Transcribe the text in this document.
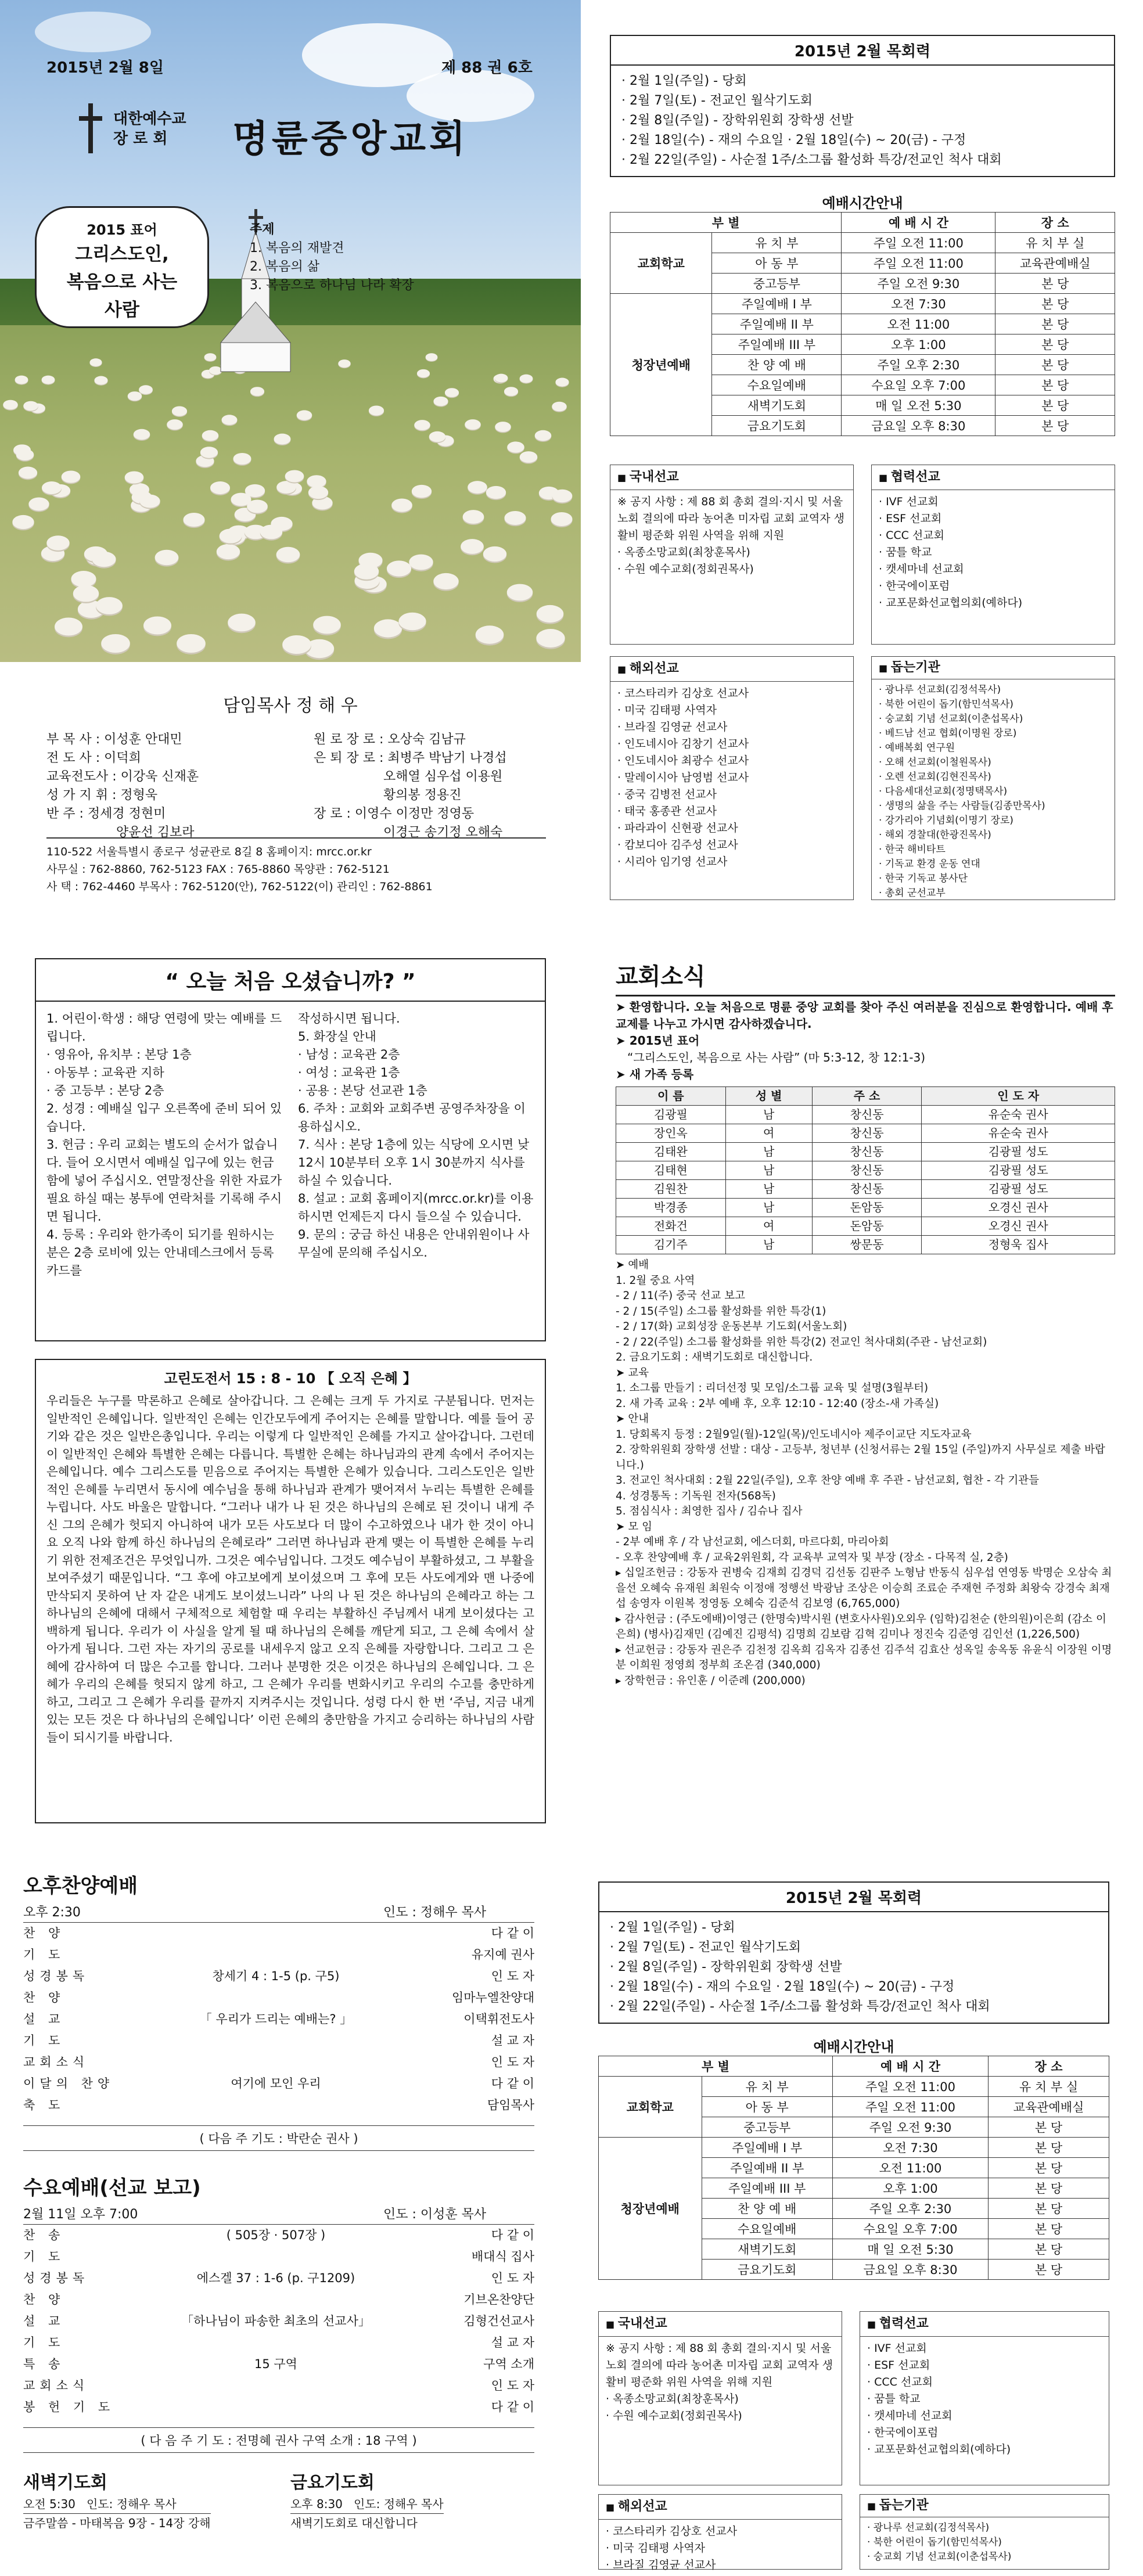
2015년 2월 8일	제 88 권 6호
대한예수교
장 로 회	명륜중앙교회
2015 표어
그리스도인,
복음으로 사는
사람
주제
1. 복음의 재발견
2. 복음의 삶
3. 복음으로 하나님 나라 확장
담임목사 정 해 우
부 목 사 : 이성훈 안대민
전 도 사 : 이덕희
교육전도사 : 이강욱 신재훈
성 가 지 휘 : 정형욱
반 주 : 정세경 정현미
양윤선 김보라
원 로 장 로 : 오상숙 김남규
은 퇴 장 로 : 최병주 박남기 나경섭
오해열 심우섭 이용원
황의봉 정용진
장 로 : 이영수 이정만 정영동
이경근 송기정 오해숙
110-522 서울특별시 종로구 성균관로 8길 8 홈페이지: mrcc.or.kr
사무실 : 762-8860, 762-5123 FAX : 765-8860 목양관 : 762-5121
사 택 : 762-4460 부목사 : 762-5120(안), 762-5122(이) 관리인 : 762-8861
2015년 2월 목회력
· 2월 1일(주일) - 당회
· 2월 7일(토) - 전교인 월삭기도회
· 2월 8일(주일) - 장학위원회 장학생 선발
· 2월 18일(수) - 재의 수요일 · 2월 18일(수) ~ 20(금) - 구정
· 2월 22일(주일) - 사순절 1주/소그룹 활성화 특강/전교인 척사 대회
예배시간안내
부 별		예 배 시 간	장 소
교회학교	유 치 부	주일 오전 11:00	유 치 부 실
	아 동 부	주일 오전 11:00	교육관예배실
	중고등부	주일 오전 9:30	본 당
청장년예배	주일예배 I 부	오전 7:30	본 당
	주일예배 II 부	오전 11:00	본 당
	주일예배 III 부	오후 1:00	본 당
	찬 양 예 배	주일 오후 2:30	본 당
	수요일예배	수요일 오후 7:00	본 당
	새벽기도회	매 일 오전 5:30	본 당
	금요기도회	금요일 오후 8:30	본 당
■ 국내선교
※ 공지 사항 : 제 88 회 총회 결의·지시 및 서울노회 결의에 따라 농어촌 미자립 교회 교역자 생활비 평준화 위원 사역을 위해 지원
· 옥종소망교회(최창훈목사)
· 수원 예수교회(정회권목사)
■ 해외선교
· 코스타리카 김상호 선교사
· 미국 김태평 사역자
· 브라질 김영균 선교사
· 인도네시아 김창기 선교사
· 인도네시아 최광수 선교사
· 말레이시아 남영범 선교사
· 중국 김병전 선교사
· 태국 홍종관 선교사
· 파라과이 신현광 선교사
· 캄보디아 김주성 선교사
· 시리아 임기영 선교사
■ 협력선교
· IVF 선교회
· ESF 선교회
· CCC 선교회
· 꿈틀 학교
· 캣세마네 선교회
· 한국에이포럼
· 교포문화선교협의회(예하다)
■ 돕는기관
· 광나루 선교회(김정석목사)
· 북한 어린이 돕기(함민석목사)
· 숭교회 기념 선교회(이춘섭목사)
· 베드남 선교 협회(이명원 장로)
· 예배복회 연구원
· 오해 선교회(이철원목사)
· 오렌 선교회(김현진목사)
· 다음세대선교회(정명택목사)
· 생명의 삶을 주는 사람들(김종만목사)
· 강가리아 기념회(이명기 장로)
· 해외 경찰대(한광진목사)
· 한국 해비타트
· 기독교 환경 운동 연대
· 한국 기독교 봉사단
· 총회 군선교부
“ 오늘 처음 오셨습니까? ”
1. 어린이·학생 : 해당 연령에 맞는 예배를 드립니다.
· 영유아, 유치부 : 본당 1층
· 아동부 : 교육관 지하
· 중 고등부 : 본당 2층
2. 성경 : 예배실 입구 오른쪽에 준비 되어 있습니다.
3. 헌금 : 우리 교회는 별도의 순서가 없습니다. 들어 오시면서 예배실 입구에 있는 헌금함에 넣어 주십시오. 연말정산을 위한 자료가 필요 하실 때는 봉투에 연락처를 기록해 주시면 됩니다.
4. 등록 : 우리와 한가족이 되기를 원하시는 분은 2층 로비에 있는 안내데스크에서 등록카드를
작성하시면 됩니다.
5. 화장실 안내
· 남성 : 교육관 2층
· 여성 : 교육관 1층
· 공용 : 본당 선교관 1층
6. 주차 : 교회와 교회주변 공영주차장을 이용하십시오.
7. 식사 : 본당 1층에 있는 식당에 오시면 낮 12시 10분부터 오후 1시 30분까지 식사를 하실 수 있습니다.
8. 설교 : 교회 홈페이지(mrcc.or.kr)를 이용하시면 언제든지 다시 들으실 수 있습니다.
9. 문의 : 궁금 하신 내용은 안내위원이나 사무실에 문의해 주십시오.
고린도전서 15 : 8 - 10 【 오직 은혜 】

우리들은 누구를 막론하고 은혜로 살아갑니다. 그 은혜는 크게 두 가지로 구분됩니다. 먼저는 일반적인 은혜입니다. 일반적인 은혜는 인간모두에게 주어지는 은혜를 말합니다. 예를 들어 공기와 같은 것은 일반은총입니다. 우리는 이렇게 다 일반적인 은혜를 가지고 살아갑니다. 그런데 이 일반적인 은혜와 특별한 은혜는 다릅니다. 특별한 은혜는 하나님과의 관계 속에서 주어지는 은혜입니다. 예수 그리스도를 믿음으로 주어지는 특별한 은혜가 있습니다. 그리스도인은 일반적인 은혜를 누리면서 동시에 예수님을 통해 하나님과 관계가 맺어져서 누리는 특별한 은혜를 누립니다. 사도 바울은 말합니다. “그러나 내가 나 된 것은 하나님의 은혜로 된 것이니 내게 주신 그의 은혜가 헛되지 아니하여 내가 모든 사도보다 더 많이 수고하였으나 내가 한 것이 아니요 오직 나와 함께 하신 하나님의 은혜로라” 그러면 하나님과 관계 맺는 이 특별한 은혜를 누리기 위한 전제조건은 무엇입니까. 그것은 예수님입니다. 그것도 예수님이 부활하셨고, 그 부활을 보여주셨기 때문입니다. “그 후에 야고보에게 보이셨으며 그 후에 모든 사도에게와 맨 나중에 만삭되지 못하여 난 자 같은 내게도 보이셨느니라” 나의 나 된 것은 하나님의 은혜라고 하는 그 하나님의 은혜에 대해서 구체적으로 체험할 때 우리는 부활하신 주님께서 내게 보이셨다는 고백하게 됩니다. 우리가 이 사실을 알게 될 때 하나님의 은혜를 깨닫게 되고, 그 은혜 속에서 살아가게 됩니다. 그런 자는 자기의 공로를 내세우지 않고 오직 은혜를 자랑합니다. 그리고 그 은혜에 감사하여 더 많은 수고를 합니다. 그러나 분명한 것은 이것은 하나님의 은혜입니다. 그 은혜가 우리의 은혜를 헛되지 않게 하고, 그 은혜가 우리를 변화시키고 우리의 수고를 충만하게 하고, 그리고 그 은혜가 우리를 끝까지 지켜주시는 것입니다. 성령 다시 한 번 ‘주님, 지금 내게 있는 모든 것은 다 하나님의 은혜입니다’ 이런 은혜의 충만함을 가지고 승리하는 하나님의 사람들이 되시기를 바랍니다.

교회소식
➤ 환영합니다. 오늘 처음으로 명륜 중앙 교회를 찾아 주신 여러분을 진심으로 환영합니다. 예배 후 교제를 나누고 가시면 감사하겠습니다.
➤ 2015년 표어
“그리스도인, 복음으로 사는 사람” (마 5:3-12, 창 12:1-3)
➤ 새 가족 등록
이 름	성 별	주 소	인 도 자
김광필	남	창신동	유순숙 권사
장인옥	여	창신동	유순숙 권사
김태완	남	창신동	김광필 성도
김태현	남	창신동	김광필 성도
김원찬	남	창신동	김광필 성도
박경종	남	돈암동	오경신 권사
전화건	여	돈암동	오경신 권사
김기주	남	쌍문동	정형욱 집사
➤ 예배
1. 2월 중요 사역
- 2 / 11(주) 중국 선교 보고
- 2 / 15(주일) 소그룹 활성화를 위한 특강(1)
- 2 / 17(화) 교회성장 운동본부 기도회(서울노회)
- 2 / 22(주일) 소그룹 활성화를 위한 특강(2) 전교인 척사대회(주관 - 남선교회)
2. 금요기도회 : 새벽기도회로 대신합니다.
➤ 교육
1. 소그룹 만들기 : 리더선정 및 모임/소그룹 교육 및 설명(3월부터)
2. 새 가족 교육 : 2부 예배 후, 오후 12:10 - 12:40 (장소-새 가족실)
➤ 안내
1. 당회록지 등정 : 2월9일(월)-12일(목)/인도네시아 제주이교단 지도자교육
2. 장학위원회 장학생 선발 : 대상 - 고등부, 청년부 (신청서류는 2월 15일 (주일)까지 사무실로 제출 바랍니다.)
3. 전교인 척사대회 : 2월 22일(주일), 오후 찬양 예배 후 주관 - 남선교회, 협찬 - 각 기관들
4. 성경통독 : 기독원 전자(568독)
5. 점심식사 : 최영한 집사 / 김슈나 집사
➤ 모 임
- 2부 예배 후 / 각 남선교회, 에스더회, 마르다회, 마리아회
- 오후 찬양예배 후 / 교육2위원회, 각 교육부 교역자 및 부장 (장소 - 다목적 실, 2층)
▸ 십일조헌금 : 강동자 권병숙 김재희 김경덕 김선동 김판주 노형남 반동식 심우섭 연영동 박명순 오삼숙 최을선 오혜숙 유재원 최원숙 이정애 정행선 박광남 조상은 이승희 조료순 주재현 주정화 최왕숙 강경숙 최재섭 송영자 이원복 정영동 오혜숙 김준석 김보영 (6,765,000)
▸ 감사헌금 : (주도에배)이영근 (한명숙)박시원 (변호사사원)오외우 (임학)김천순 (한의원)이은희 (감소 이은희) (병사)김재민 (김예진 김평석) 김명희 김보람 김혁 김미나 정진숙 김준영 김인선 (1,226,500)
▸ 선교헌금 : 강동자 권은주 김천정 김옥희 김옥자 김종선 김주석 김효산 성옥일 송옥동 유윤식 이장원 이명분 이희원 정영희 정부희 조온겸 (340,000)
▸ 장학헌금 : 유인훈 / 이준례 (200,000)
오후찬양예배
오후 2:30	인도 : 정해우 목사
찬 양	다 같 이
기 도	유지예 권사
성경봉독	창세기 4 : 1-5 (p. 구5)	인 도 자
찬 양	임마누엘찬양대
설 교	「 우리가 드리는 예배는? 」	이택휘전도사
기 도	설 교 자
교회소식	인 도 자
이달의 찬양	여기에 모인 우리	다 같 이
축 도	담임목사
( 다음 주 기도 : 박란순 권사 )
수요예배(선교 보고)
2월 11일 오후 7:00	인도 : 이성훈 목사
찬 송	( 505장 · 507장 )	다 같 이
기 도	배대식 집사
성경봉독	에스겔 37 : 1-6 (p. 구1209)	인 도 자
찬 양	기브온찬양단
설 교	「하나님이 파송한 최초의 선교사」	김형건선교사
기 도	설 교 자
특 송	15 구역	구역 소개
교회소식	인 도 자
봉 헌 기 도	다 같 이
( 다 음 주 기 도 : 전명혜 권사 구역 소개 : 18 구역 )
새벽기도회
오전 5:30 인도: 정해우 목사
금주말씀 - 마태복음 9장 - 14장 강해
금요기도회
오후 8:30 인도: 정해우 목사
새벽기도회로 대신합니다
2015년 2월 목회력
· 2월 1일(주일) - 당회
· 2월 7일(토) - 전교인 월삭기도회
· 2월 8일(주일) - 장학위원회 장학생 선발
· 2월 18일(수) - 재의 수요일 · 2월 18일(수) ~ 20(금) - 구정
· 2월 22일(주일) - 사순절 1주/소그룹 활성화 특강/전교인 척사 대회
예배시간안내
부 별		예 배 시 간	장 소
교회학교	유 치 부	주일 오전 11:00	유 치 부 실
	아 동 부	주일 오전 11:00	교육관예배실
	중고등부	주일 오전 9:30	본 당
청장년예배	주일예배 I 부	오전 7:30	본 당
	주일예배 II 부	오전 11:00	본 당
	주일예배 III 부	오후 1:00	본 당
	찬 양 예 배	주일 오후 2:30	본 당
	수요일예배	수요일 오후 7:00	본 당
	새벽기도회	매 일 오전 5:30	본 당
	금요기도회	금요일 오후 8:30	본 당
■ 국내선교
※ 공지 사항 : 제 88 회 총회 결의·지시 및 서울노회 결의에 따라 농어촌 미자립 교회 교역자 생활비 평준화 위원 사역을 위해 지원
· 옥종소망교회(최창훈목사)
· 수원 예수교회(정회권목사)
■ 해외선교
· 코스타리카 김상호 선교사
· 미국 김태평 사역자
· 브라질 김영균 선교사
■ 협력선교
· IVF 선교회
· ESF 선교회
· CCC 선교회
· 꿈틀 학교
· 캣세마네 선교회
· 한국에이포럼
· 교포문화선교협의회(예하다)
■ 돕는기관
· 광나루 선교회(김정석목사)
· 북한 어린이 돕기(함민석목사)
· 숭교회 기념 선교회(이춘섭목사)
